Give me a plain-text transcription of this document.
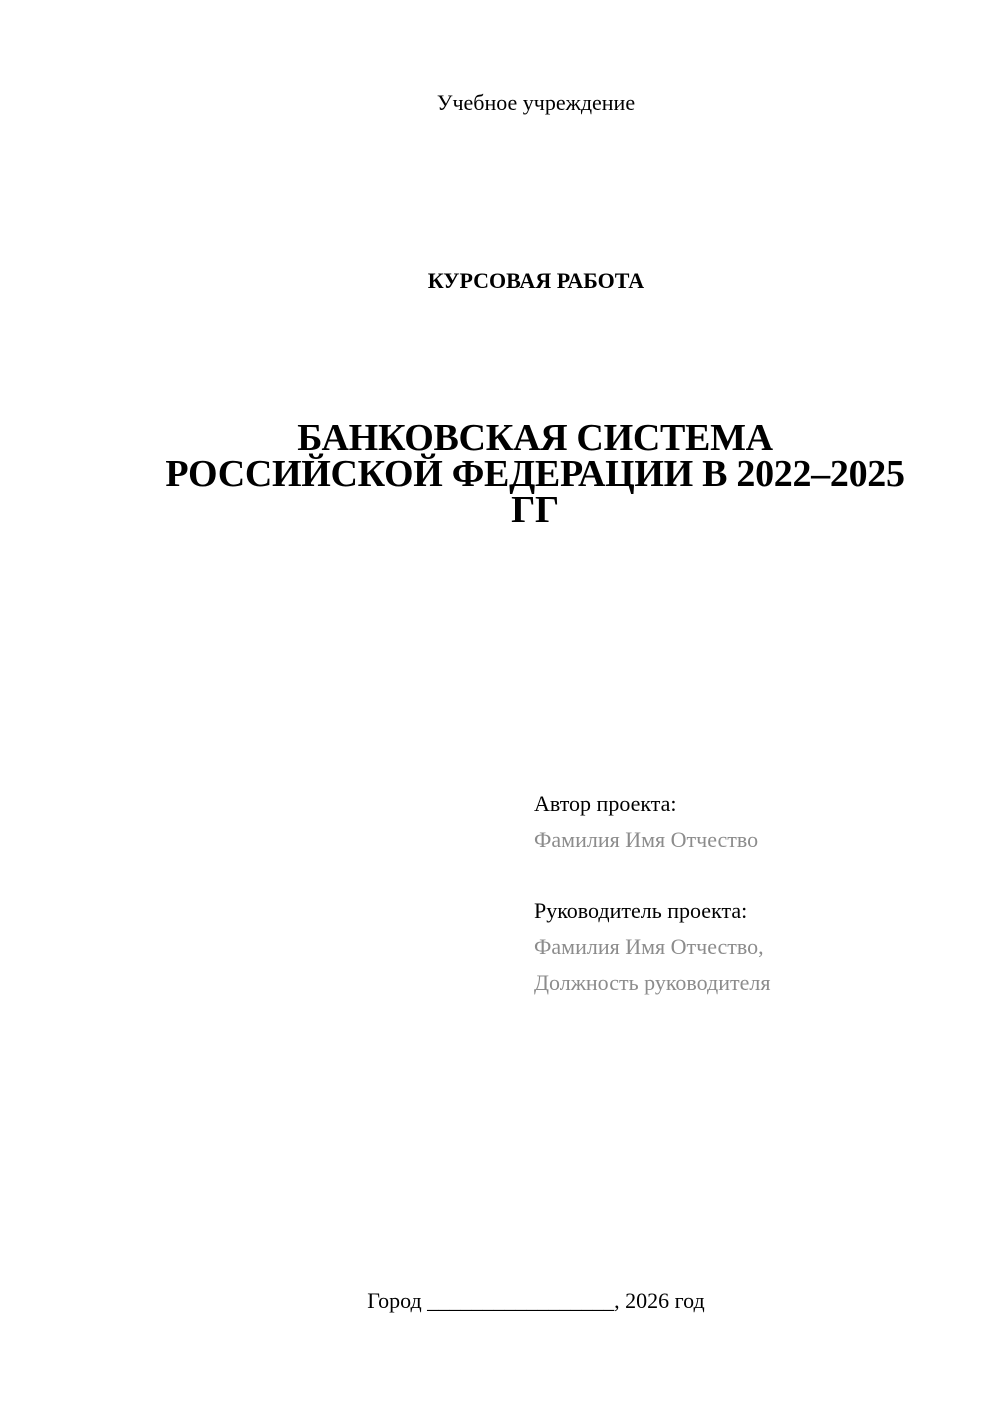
Учебное учреждение
КУРСОВАЯ РАБОТА
БАНКОВСКАЯ СИСТЕМА
РОССИЙСКОЙ ФЕДЕРАЦИИ В 2022–2025
ГГ
Автор проекта:
Фамилия Имя Отчество
Руководитель проекта:
Фамилия Имя Отчество,
Должность руководителя
Город _________________, 2026 год
